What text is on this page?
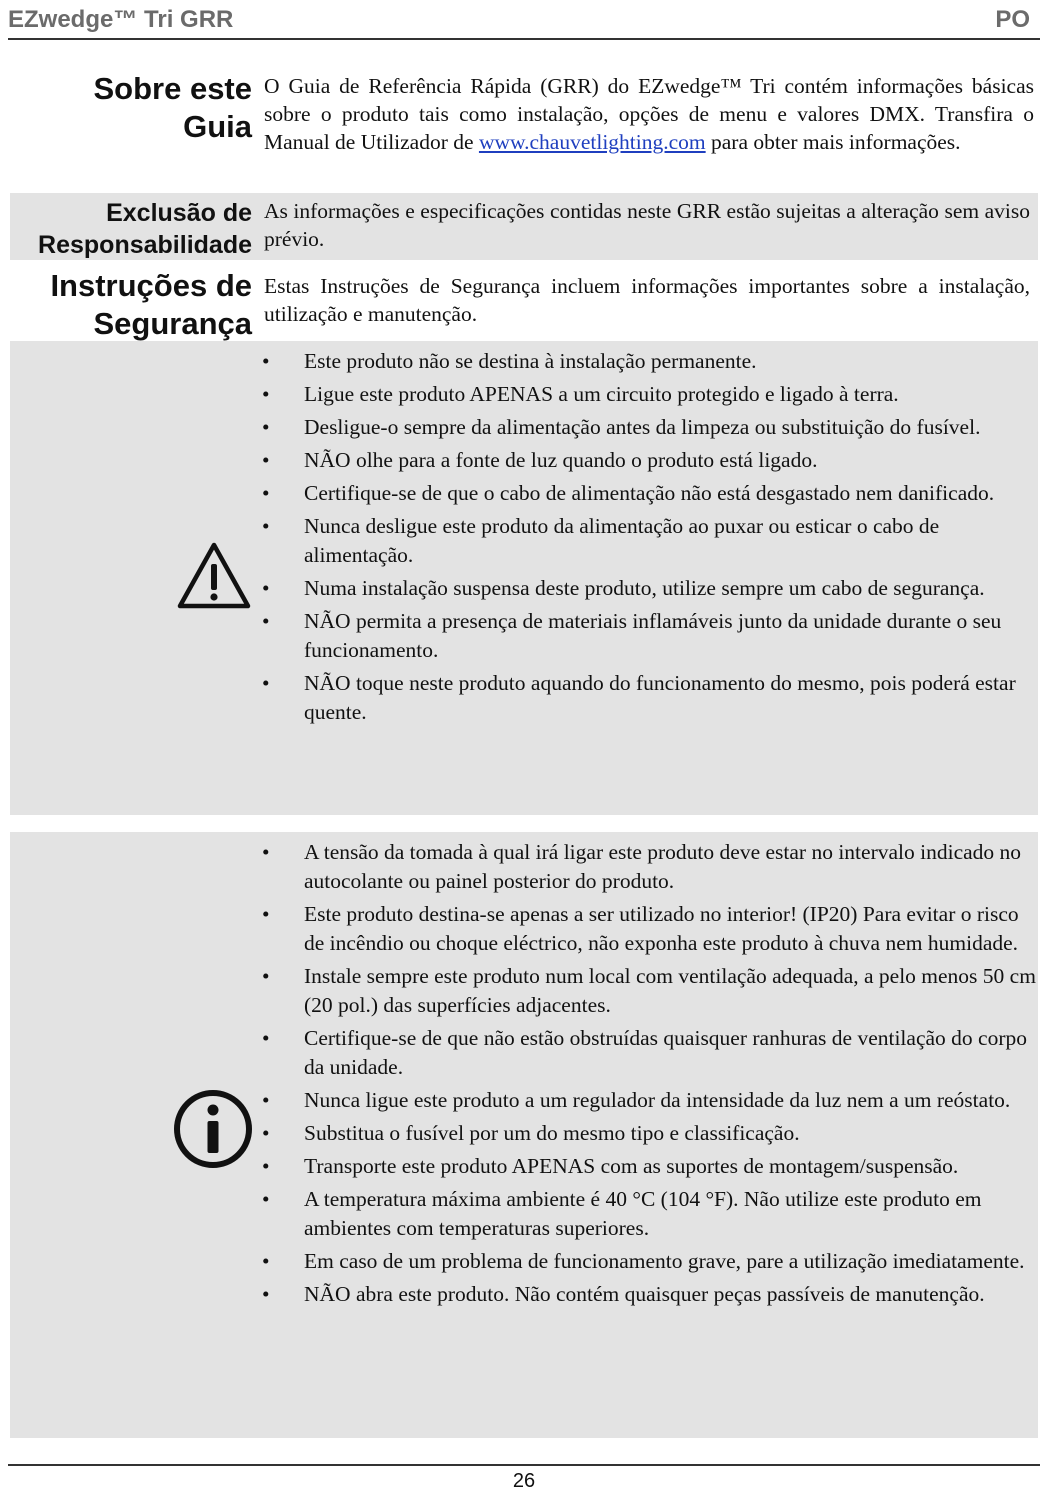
EZwedge™ Tri GRR	PO
Sobre este
Guia

O Guia de Referência Rápida (GRR) do EZwedge™ Tri contém informações básicas sobre o produto tais como instalação, opções de menu e valores DMX. Transfira o Manual de Utilizador de www.chauvetlighting.com para obter mais informações.

Exclusão de
Responsabilidade

As informações e especificações contidas neste GRR estão sujeitas a alteração sem aviso prévio.

Instruções de
Segurança

Estas Instruções de Segurança incluem informações importantes sobre a instalação, utilização e manutenção.

• Este produto não se destina à instalação permanente.
• Ligue este produto APENAS a um circuito protegido e ligado à terra.
• Desligue-o sempre da alimentação antes da limpeza ou substituição do fusível.
• NÃO olhe para a fonte de luz quando o produto está ligado.
• Certifique-se de que o cabo de alimentação não está desgastado nem danificado.
• Nunca desligue este produto da alimentação ao puxar ou esticar o cabo de alimentação.
• Numa instalação suspensa deste produto, utilize sempre um cabo de segurança.
• NÃO permita a presença de materiais inflamáveis junto da unidade durante o seu funcionamento.
• NÃO toque neste produto aquando do funcionamento do mesmo, pois poderá estar quente.
• A tensão da tomada à qual irá ligar este produto deve estar no intervalo indicado no autocolante ou painel posterior do produto.
• Este produto destina-se apenas a ser utilizado no interior! (IP20) Para evitar o risco de incêndio ou choque eléctrico, não exponha este produto à chuva nem humidade.
• Instale sempre este produto num local com ventilação adequada, a pelo menos 50 cm (20 pol.) das superfícies adjacentes.
• Certifique-se de que não estão obstruídas quaisquer ranhuras de ventilação do corpo da unidade.
• Nunca ligue este produto a um regulador da intensidade da luz nem a um reóstato.
• Substitua o fusível por um do mesmo tipo e classificação.
• Transporte este produto APENAS com as suportes de montagem/suspensão.
• A temperatura máxima ambiente é 40 °C (104 °F). Não utilize este produto em ambientes com temperaturas superiores.
• Em caso de um problema de funcionamento grave, pare a utilização imediatamente.
• NÃO abra este produto. Não contém quaisquer peças passíveis de manutenção.
26
